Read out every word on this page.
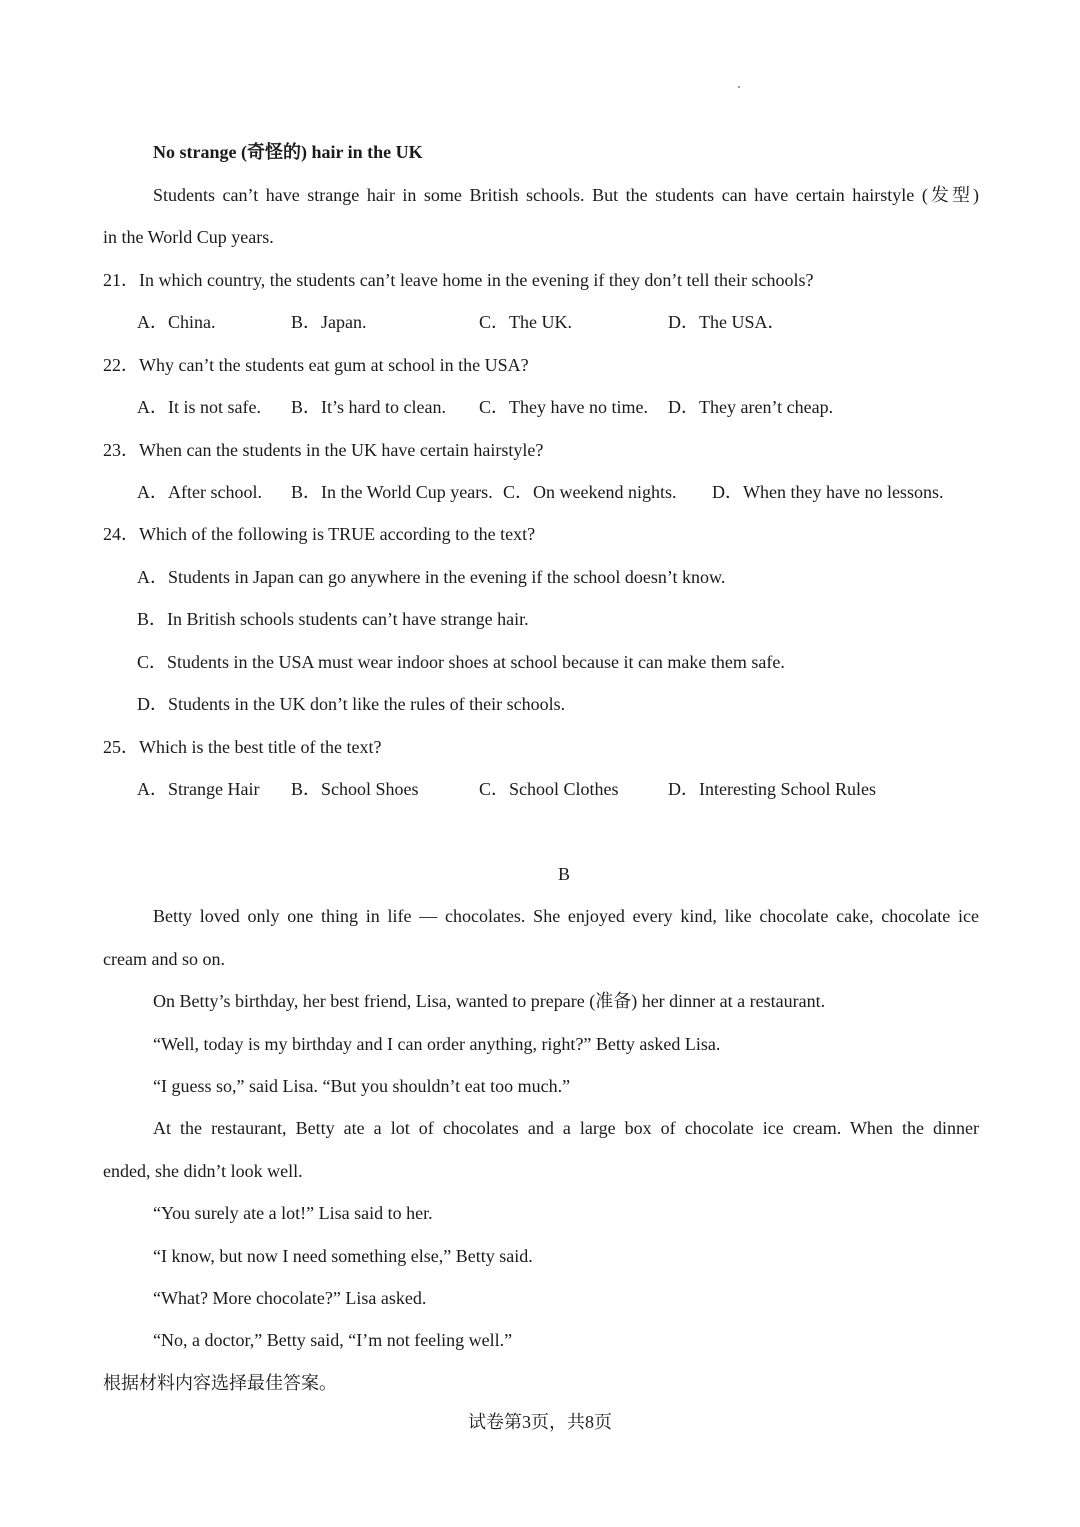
No strange (奇怪的) hair in the UK
Students can’t have strange hair in some British schools. But the students can have certain hairstyle (发型)
in the World Cup years.
21．In which country, the students can’t leave home in the evening if they don’t tell their schools?
A．China.	B．Japan.	C．The UK.	D．The USA．
22．Why can’t the students eat gum at school in the USA?
A．It is not safe. B．It’s hard to clean. C．They have no time. D．They aren’t cheap.
23．When can the students in the UK have certain hairstyle?
A．After school. B．In the World Cup years. C．On weekend nights. D．When they have no lessons.
24．Which of the following is TRUE according to the text?
A．Students in Japan can go anywhere in the evening if the school doesn’t know.
B．In British schools students can’t have strange hair.
C．Students in the USA must wear indoor shoes at school because it can make them safe.
D．Students in the UK don’t like the rules of their schools.
25．Which is the best title of the text?
A．Strange Hair B．School Shoes	C．School Clothes	D．Interesting School Rules
B
Betty loved only one thing in life — chocolates. She enjoyed every kind, like chocolate cake, chocolate ice
cream and so on.
On Betty’s birthday, her best friend, Lisa, wanted to prepare (准备) her dinner at a restaurant.
“Well, today is my birthday and I can order anything, right?” Betty asked Lisa.
“I guess so,” said Lisa. “But you shouldn’t eat too much.”
At the restaurant, Betty ate a lot of chocolates and a large box of chocolate ice cream. When the dinner
ended, she didn’t look well.
“You surely ate a lot!” Lisa said to her.
“I know, but now I need something else,” Betty said.
“What? More chocolate?” Lisa asked.
“No, a doctor,” Betty said, “I’m not feeling well.”
根据材料内容选择最佳答案。
试卷第3页，共8页
